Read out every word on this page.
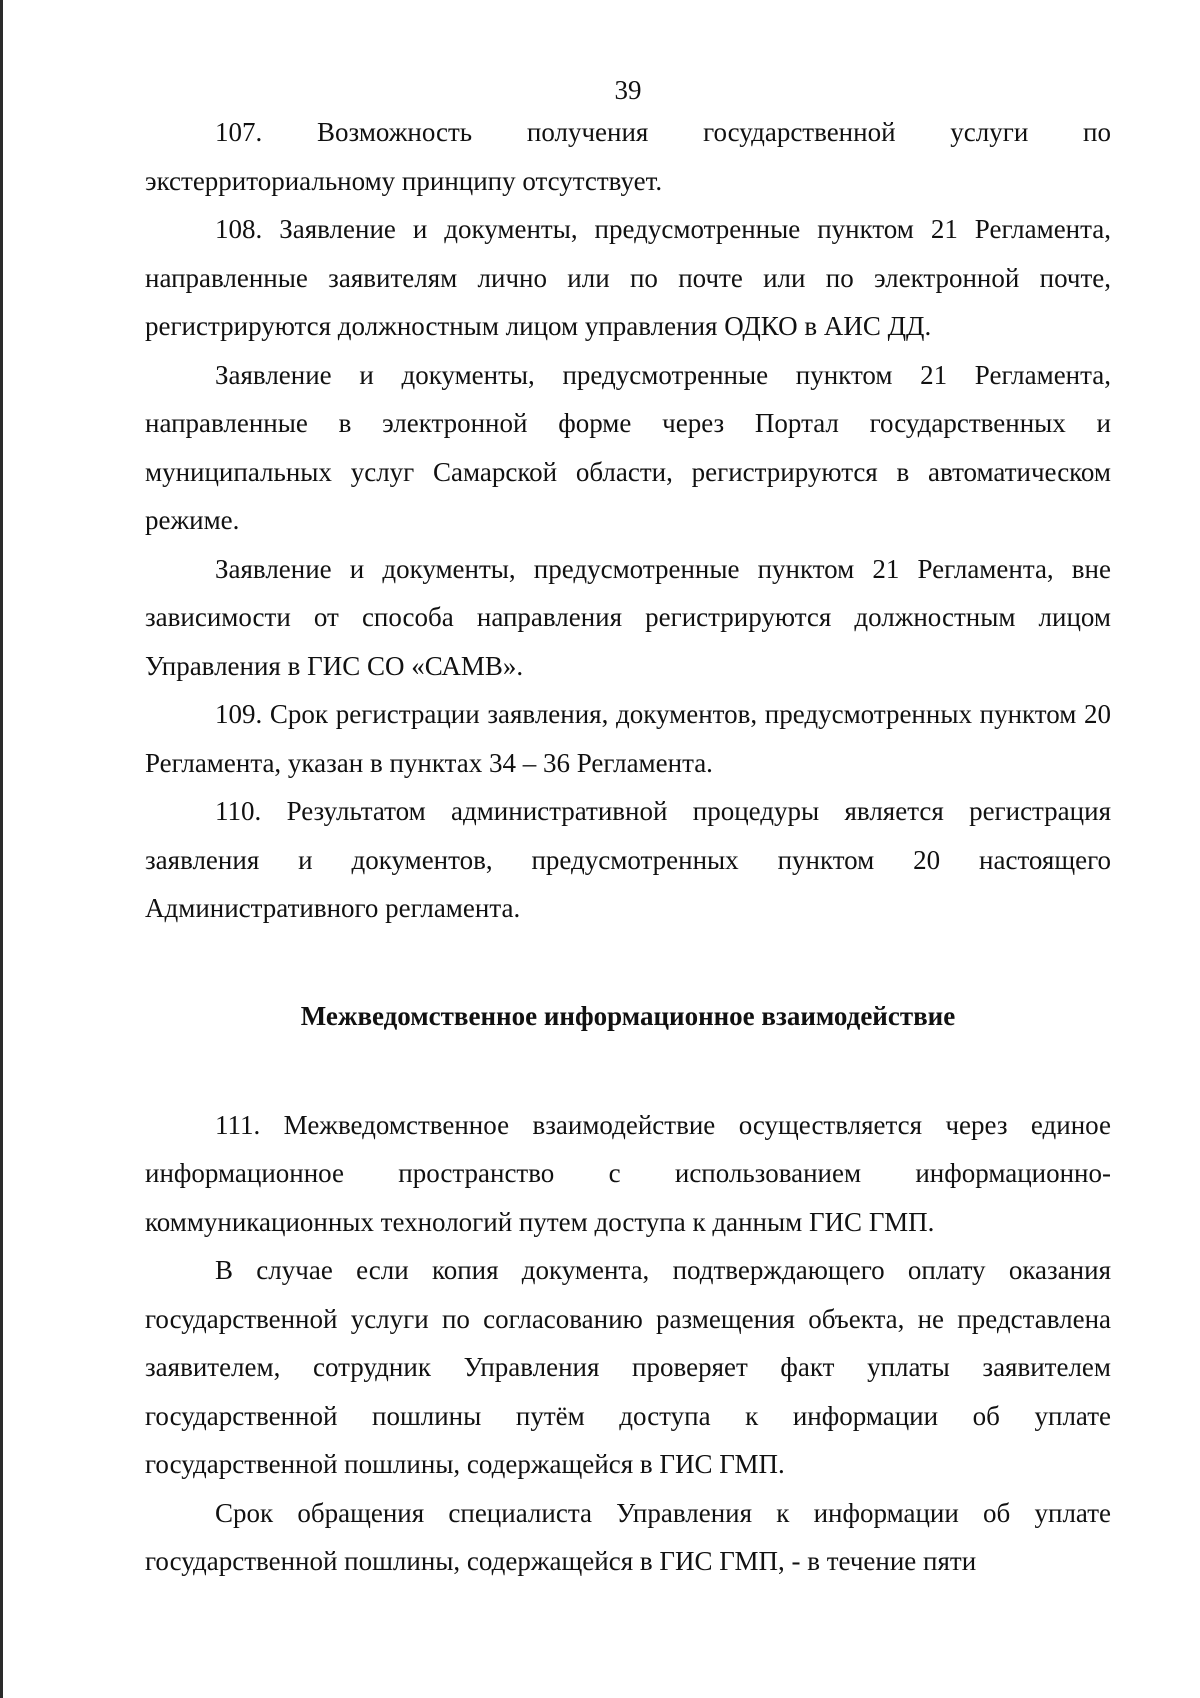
39

107. Возможность получения государственной услуги по экстерриториальному принципу отсутствует.

108. Заявление и документы, предусмотренные пунктом 21 Регламента, направленные заявителям лично или по почте или по электронной почте, регистрируются должностным лицом управления ОДКО в АИС ДД.

Заявление и документы, предусмотренные пунктом 21 Регламента, направленные в электронной форме через Портал государственных и муниципальных услуг Самарской области, регистрируются в автоматическом режиме.

Заявление и документы, предусмотренные пунктом 21 Регламента, вне зависимости от способа направления регистрируются должностным лицом Управления в ГИС СО «САМВ».

109. Срок регистрации заявления, документов, предусмотренных пунктом 20 Регламента, указан в пунктах 34 – 36 Регламента.

110. Результатом административной процедуры является регистрация заявления и документов, предусмотренных пунктом 20 настоящего Административного регламента.

Межведомственное информационное взаимодействие

111. Межведомственное взаимодействие осуществляется через единое информационное пространство с использованием информационно-коммуникационных технологий путем доступа к данным ГИС ГМП.

В случае если копия документа, подтверждающего оплату оказания государственной услуги по согласованию размещения объекта, не представлена заявителем, сотрудник Управления проверяет факт уплаты заявителем государственной пошлины путём доступа к информации об уплате государственной пошлины, содержащейся в ГИС ГМП.

Срок обращения специалиста Управления к информации об уплате государственной пошлины, содержащейся в ГИС ГМП, - в течение пяти
